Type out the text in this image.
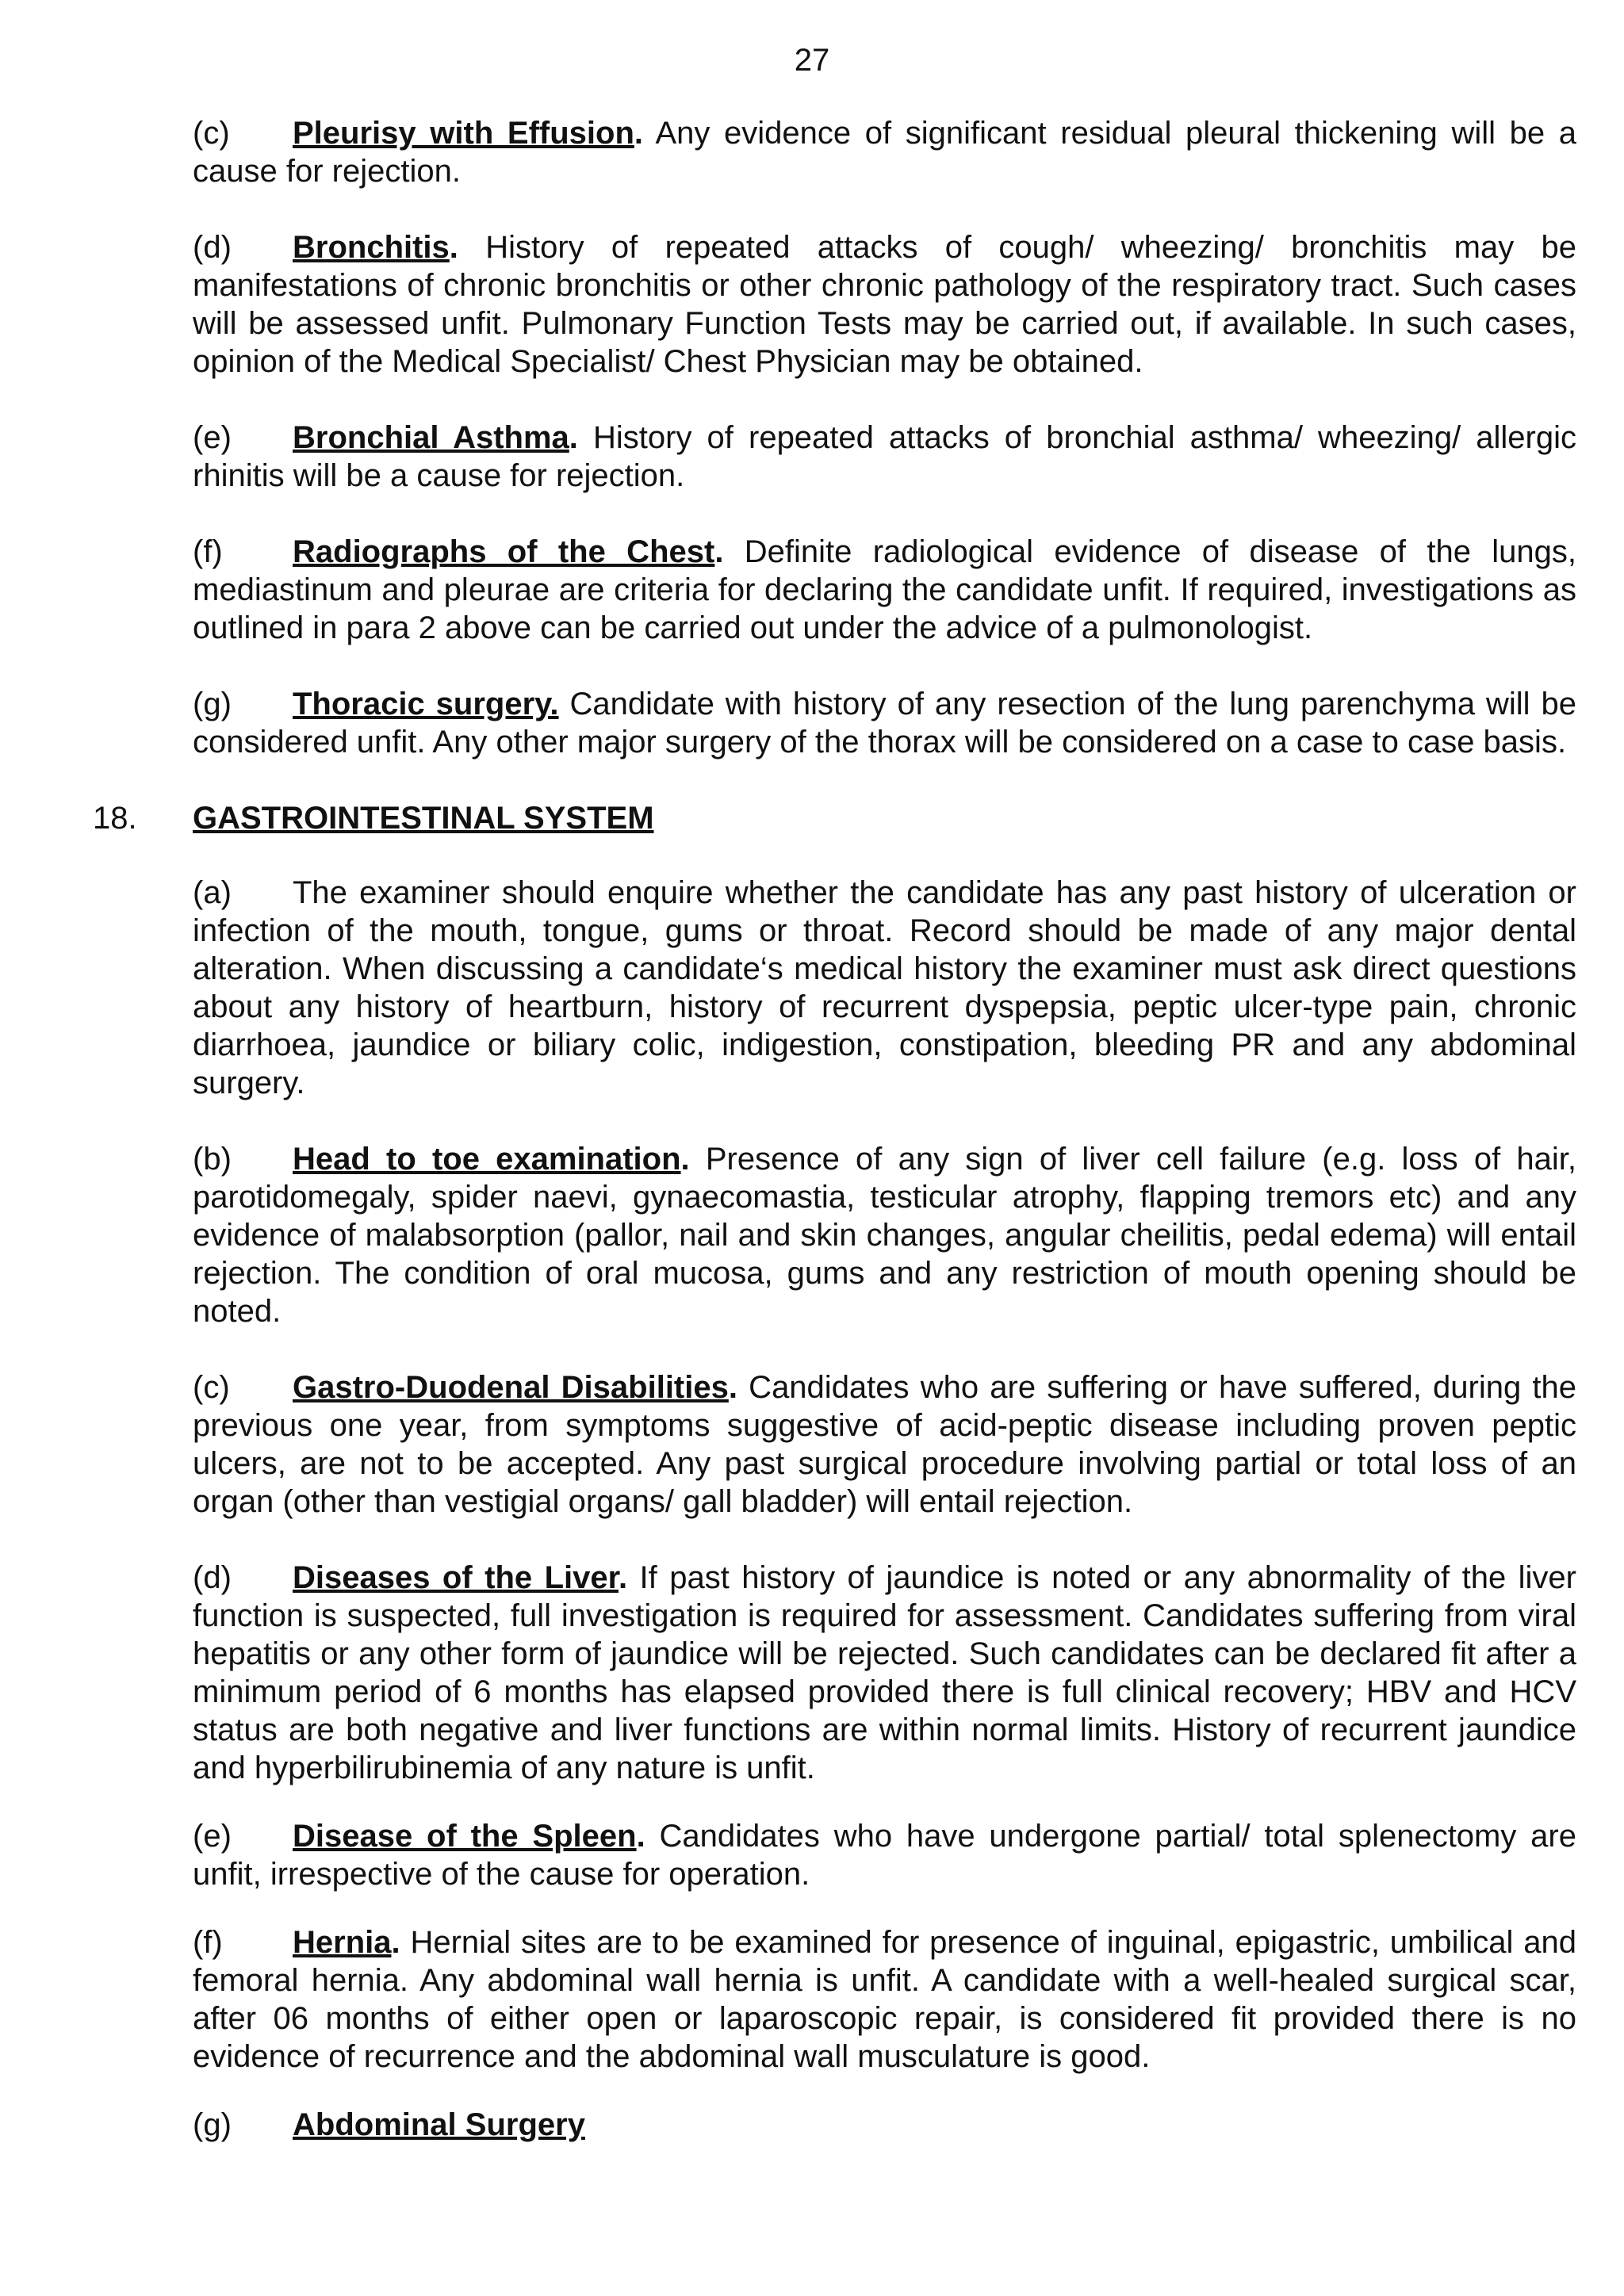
27

(c) Pleurisy with Effusion. Any evidence of significant residual pleural thickening will be a cause for rejection.

(d) Bronchitis. History of repeated attacks of cough/ wheezing/ bronchitis may be manifestations of chronic bronchitis or other chronic pathology of the respiratory tract. Such cases will be assessed unfit. Pulmonary Function Tests may be carried out, if available. In such cases, opinion of the Medical Specialist/ Chest Physician may be obtained.

(e) Bronchial Asthma. History of repeated attacks of bronchial asthma/ wheezing/ allergic rhinitis will be a cause for rejection.

(f) Radiographs of the Chest. Definite radiological evidence of disease of the lungs, mediastinum and pleurae are criteria for declaring the candidate unfit. If required, investigations as outlined in para 2 above can be carried out under the advice of a pulmonologist.

(g) Thoracic surgery. Candidate with history of any resection of the lung parenchyma will be considered unfit. Any other major surgery of the thorax will be considered on a case to case basis.

18. GASTROINTESTINAL SYSTEM

(a) The examiner should enquire whether the candidate has any past history of ulceration or infection of the mouth, tongue, gums or throat. Record should be made of any major dental alteration. When discussing a candidate‘s medical history the examiner must ask direct questions about any history of heartburn, history of recurrent dyspepsia, peptic ulcer-type pain, chronic diarrhoea, jaundice or biliary colic, indigestion, constipation, bleeding PR and any abdominal surgery.

(b) Head to toe examination. Presence of any sign of liver cell failure (e.g. loss of hair, parotidomegaly, spider naevi, gynaecomastia, testicular atrophy, flapping tremors etc) and any evidence of malabsorption (pallor, nail and skin changes, angular cheilitis, pedal edema) will entail rejection. The condition of oral mucosa, gums and any restriction of mouth opening should be noted.

(c) Gastro-Duodenal Disabilities. Candidates who are suffering or have suffered, during the previous one year, from symptoms suggestive of acid-peptic disease including proven peptic ulcers, are not to be accepted. Any past surgical procedure involving partial or total loss of an organ (other than vestigial organs/ gall bladder) will entail rejection.

(d) Diseases of the Liver. If past history of jaundice is noted or any abnormality of the liver function is suspected, full investigation is required for assessment. Candidates suffering from viral hepatitis or any other form of jaundice will be rejected. Such candidates can be declared fit after a minimum period of 6 months has elapsed provided there is full clinical recovery; HBV and HCV status are both negative and liver functions are within normal limits. History of recurrent jaundice and hyperbilirubinemia of any nature is unfit.

(e) Disease of the Spleen. Candidates who have undergone partial/ total splenectomy are unfit, irrespective of the cause for operation.

(f) Hernia. Hernial sites are to be examined for presence of inguinal, epigastric, umbilical and femoral hernia. Any abdominal wall hernia is unfit. A candidate with a well-healed surgical scar, after 06 months of either open or laparoscopic repair, is considered fit provided there is no evidence of recurrence and the abdominal wall musculature is good.

(g) Abdominal Surgery
